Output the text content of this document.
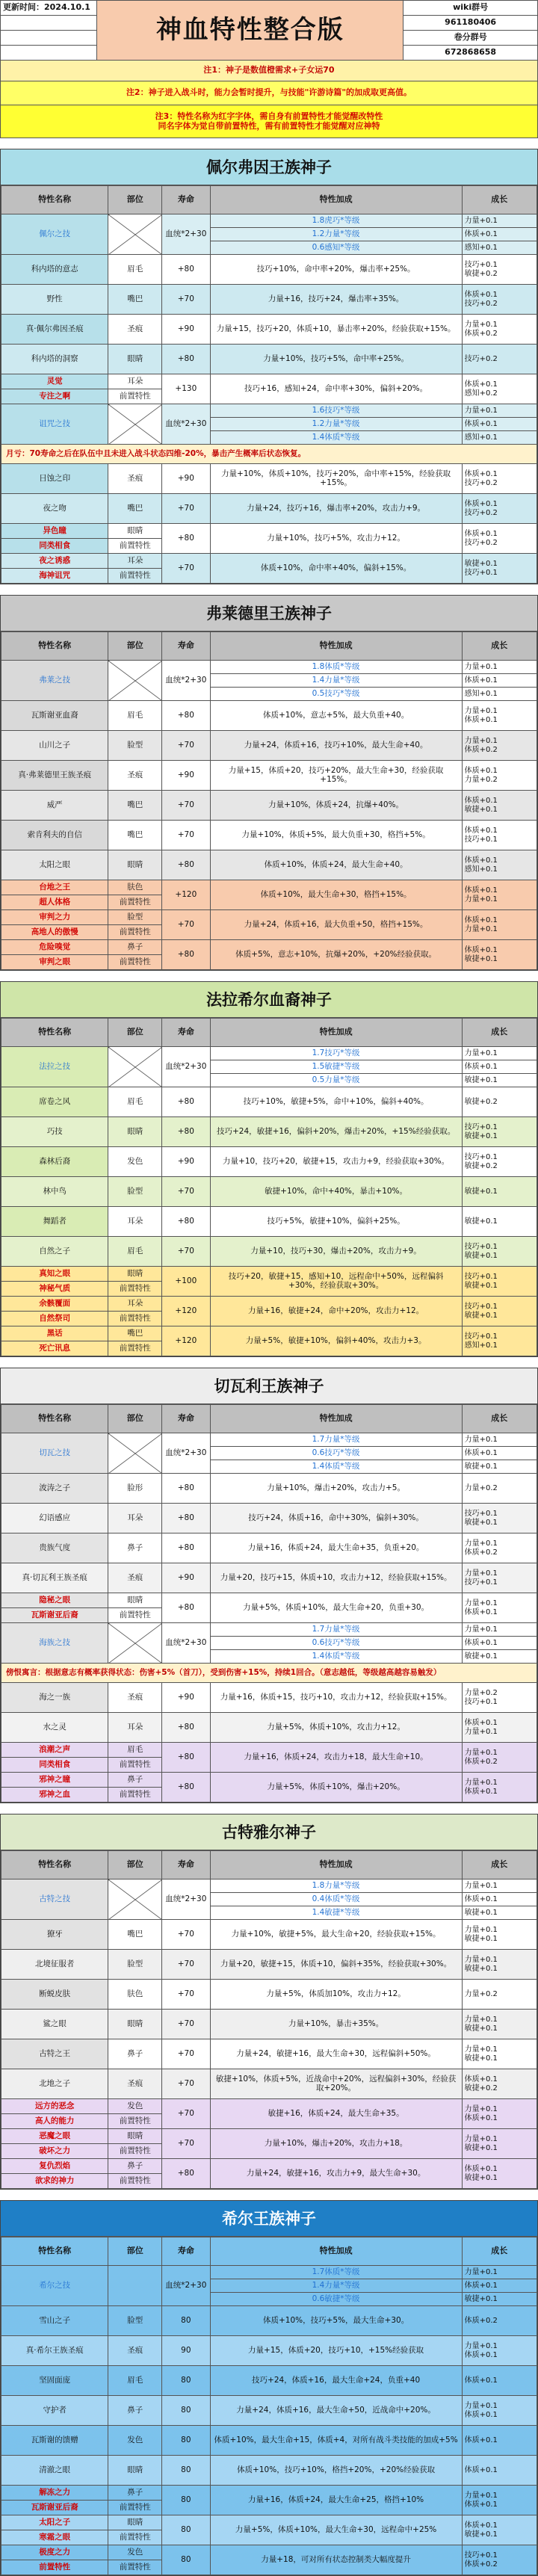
更新时间：2024.10.1	神血特性整合版	wiki群号
		961180406
		卷分群号
		672868658
注1：神子是数值橙需求+子女运70		
注2：神子进入战斗时，能力会暂时提升，与技能"许游诗篇"的加成取更高值。		
注3：特性名称为红字字体，需自身有前置特性才能觉醒改特性
同名字体为觉自带前置特性，需有前置特性才能觉醒对应神特		
佩尔弗因王族神子
特性名称	部位	寿命	特性加成	成长
佩尔之技		血统*2+30	1.8虎巧*等级	力量+0.1
			1.2力量*等级	体质+0.1
			0.6感知*等级	感知+0.1
科内塔的意志	眉毛	+80	技巧+10%，命中率+20%，爆击率+25%。	技巧+0.1
敏捷+0.2
野性	嘴巴	+70	力量+16，技巧+24，爆击率+35%。	体质+0.1
技巧+0.2
真·佩尔弗因圣痕	圣痕	+90	力量+15，技巧+20，体质+10，暴击率+20%，经验获取+15%。	力量+0.1
体质+0.2
科内塔的洞察	眼睛	+80	力量+10%，技巧+5%，命中率+25%。	技巧+0.2
灵觉	耳朵	+130	技巧+16，感知+24，命中率+30%，偏斜+20%。	体质+0.1
感知+0.2
专注之啊	前置特性			
诅咒之技		血统*2+30	1.6技巧*等级	力量+0.1
			1.2力量*等级	体质+0.1
			1.4体质*等级	感知+0.1
月亏：70寿命之后在队伍中且未进入战斗状态四维-20%，暴击产生概率后状态恢复。				
日蚀之印	圣痕	+90	力量+10%，体质+10%，技巧+20%，命中率+15%，经验获取+15%。	体质+0.1
技巧+0.2
夜之吻	嘴巴	+70	力量+24，技巧+16，爆击率+20%，攻击力+9。	体质+0.1
技巧+0.2
异色瞳	眼睛	+80	力量+10%，技巧+5%，攻击力+12。	体质+0.1
技巧+0.2
同类相食	前置特性			
夜之诱惑	耳朵	+70	体质+10%，命中率+40%，偏斜+15%。	敏捷+0.1
技巧+0.1
海神诅咒	前置特性			
弗莱德里王族神子
特性名称	部位	寿命	特性加成	成长
弗莱之技		血统*2+30	1.8体质*等级	力量+0.1
			1.4力量*等级	体质+0.1
			0.5技巧*等级	感知+0.1
瓦斯谢亚血裔	眉毛	+80	体质+10%，意志+5%，最大负重+40。	力量+0.1
体质+0.1
山川之子	脸型	+70	力量+24，体质+16，技巧+10%，最大生命+40。	力量+0.1
体质+0.2
真·弗莱德里王族圣痕	圣痕	+90	力量+15，体质+20，技巧+20%，最大生命+30，经验获取+15%。	体质+0.1
力量+0.2
威严	嘴巴	+70	力量+10%，体质+24，抗爆+40%。	体质+0.1
敏捷+0.1
索肯利夫的自信	嘴巴	+70	力量+10%，体质+5%，最大负重+30，格挡+5%。	体质+0.1
技巧+0.1
太阳之眼	眼睛	+80	体质+10%，体质+24，最大生命+40。	体质+0.1
感知+0.1
台地之王	肤色	+120	体质+10%，最大生命+30，格挡+15%。	体质+0.1
力量+0.1
超人体格	前置特性			
审判之力	脸型	+70	力量+24，体质+16，最大负重+50，格挡+15%。	体质+0.1
力量+0.1
高地人的傲慢	前置特性			
危险嗅觉	鼻子	+80	体质+5%，意志+10%，抗爆+20%，+20%经验获取。	体质+0.1
敏捷+0.1
审判之眼	前置特性			
法拉希尔血裔神子
特性名称	部位	寿命	特性加成	成长
法拉之技		血统*2+30	1.7技巧*等级	力量+0.1
			1.5敏捷*等级	体质+0.1
			0.5力量*等级	敏捷+0.1
席卷之风	眉毛	+80	技巧+10%，敏捷+5%，命中+10%，偏斜+40%。	敏捷+0.2
巧技	眼睛	+80	技巧+24，敏捷+16，偏斜+20%，爆击+20%，+15%经验获取。	技巧+0.1
敏捷+0.1
森林后裔	发色	+90	力量+10，技巧+20，敏捷+15，攻击力+9，经验获取+30%。	技巧+0.1
敏捷+0.2
林中鸟	脸型	+70	敏捷+10%，命中+40%，暴击+10%。	敏捷+0.1
舞蹈者	耳朵	+80	技巧+5%，敏捷+10%，偏斜+25%。	敏捷+0.1
自然之子	眉毛	+70	力量+10，技巧+30，爆击+20%，攻击力+9。	技巧+0.1
敏捷+0.1
真知之眼	眼睛	+100	技巧+20，敏捷+15，感知+10，远程命中+50%，远程偏斜+30%，经验获取+30%。	技巧+0.1
敏捷+0.1
神秘气质	前置特性			
余骸覆面	耳朵	+120	力量+16，敏捷+24，命中+20%，攻击力+12。	技巧+0.1
敏捷+0.1
自然祭司	前置特性			
黑话	嘴巴	+120	力量+5%，敏捷+10%，偏斜+40%，攻击力+3。	技巧+0.1
感知+0.1
死亡讯息	前置特性			
切瓦利王族神子
特性名称	部位	寿命	特性加成	成长
切瓦之技		血统*2+30	1.7力量*等级	力量+0.1
			0.6技巧*等级	体质+0.1
			1.4体质*等级	敏捷+0.1
波涛之子	脸形	+80	力量+10%，爆击+20%，攻击力+5。	力量+0.2
幻语感应	耳朵	+80	技巧+24，体质+16，命中+30%，偏斜+30%。	技巧+0.1
敏捷+0.1
贵族气度	鼻子	+80	力量+16，体质+24，最大生命+35，负重+20。	力量+0.1
体质+0.2
真·切瓦利王族圣痕	圣痕	+90	力量+20，技巧+15，体质+10，攻击力+12，经验获取+15%。	力量+0.1
技巧+0.1
隐秘之眼	眼睛	+80	力量+5%，体质+10%，最大生命+20，负重+30。	力量+0.1
体质+0.1
瓦斯谢亚后裔	前置特性			
海族之技		血统*2+30	1.7力量*等级	力量+0.1
			0.6技巧*等级	体质+0.1
			1.4体质*等级	敏捷+0.1
傍恨寓言：根据意志有概率获得状态：伤害+5%（首刀），受到伤害+15%，持续1回合。（意志越低，等级越高越容易触发）				
海之一族	圣痕	+90	力量+16，体质+15，技巧+10，攻击力+12，经验获取+15%。	力量+0.2
技巧+0.1
水之灵	耳朵	+80	力量+5%，体质+10%，攻击力+12。	体质+0.1
力量+0.1
浪潮之声	眉毛	+80	力量+16，体质+24，攻击力+18，最大生命+10。	力量+0.1
体质+0.2
同类相食	前置特性			
邪神之瞳	鼻子	+80	力量+5%，体质+10%，爆击+20%。	力量+0.1
体质+0.1
邪神之血	前置特性			
古特雅尔神子
特性名称	部位	寿命	特性加成	成长
古特之技		血统*2+30	1.8力量*等级	力量+0.1
			0.4体质*等级	体质+0.1
			1.4敏捷*等级	敏捷+0.1
獠牙	嘴巴	+70	力量+10%，敏捷+5%，最大生命+20，经验获取+15%。	力量+0.1
敏捷+0.1
北境征服者	脸型	+70	力量+20，敏捷+15，体质+10，偏斜+35%，经验获取+30%。	力量+0.1
敏捷+0.1
断蜕皮肤	肤色	+70	力量+5%，体质加10%，攻击力+12。	力量+0.2
鲨之眼	眼睛	+70	力量+10%，暴击+35%。	力量+0.1
敏捷+0.1
古特之王	鼻子	+70	力量+24，敏捷+16，最大生命+30，远程偏斜+50%。	力量+0.1
敏捷+0.1
北地之子	圣痕	+70	敏捷+10%，体质+5%，近战命中+20%，远程偏斜+30%，经验获取+20%。	体质+0.1
敏捷+0.2
远方的恶念	发色	+70	敏捷+16，体质+24，最大生命+35。	力量+0.1
体质+0.1
高人的能力	前置特性			
恶魔之眼	眼睛	+70	力量+10%，爆击+20%，攻击力+18。	力量+0.1
敏捷+0.1
破坏之力	前置特性			
复仇烈焰	鼻子	+80	力量+24，敏捷+16，攻击力+9，最大生命+30。	体质+0.1
敏捷+0.1
欲求的神力	前置特性			
希尔王族神子
特性名称	部位	寿命	特性加成	成长
希尔之技		血统*2+30	1.7体质*等级	力量+0.1
			1.4力量*等级	体质+0.1
			0.6敏捷*等级	敏捷+0.1
雪山之子	脸型	80	体质+10%，技巧+5%，最大生命+30。	体质+0.2
真·希尔王族圣痕	圣痕	90	力量+15，体质+20，技巧+10，+15%经验获取	力量+0.1
体质+0.1
坚固面庞	眉毛	80	技巧+24，体质+16，最大生命+24，负重+40	体质+0.1
守护者	鼻子	80	力量+24，体质+16，最大生命+50，近战命中+20%。	力量+0.1
体质+0.1
瓦斯谢的馈赠	发色	80	体质+10%，最大生命+15，体质+4，对所有战斗类技能的加成+5%	体质+0.1
清澈之眼	眼睛	80	体质+10%，技巧+10%，格挡+20%，+20%经验获取	体质+0.1
解冻之力	鼻子	80	力量+16，体质+24，最大生命+25，格挡+10%	力量+0.1
体质+0.1
瓦斯谢亚后裔	前置特性			
太阳之子	眼睛	80	力量+5%，体质+10%，最大生命+30，远程命中+25%	体质+0.1
敏捷+0.1
寒霜之眼	前置特性			
极度之力	发色	80	力量+18，可对所有状态控制类大幅度提升	技巧+0.1
体质+0.2
前置特性	前置特性			
